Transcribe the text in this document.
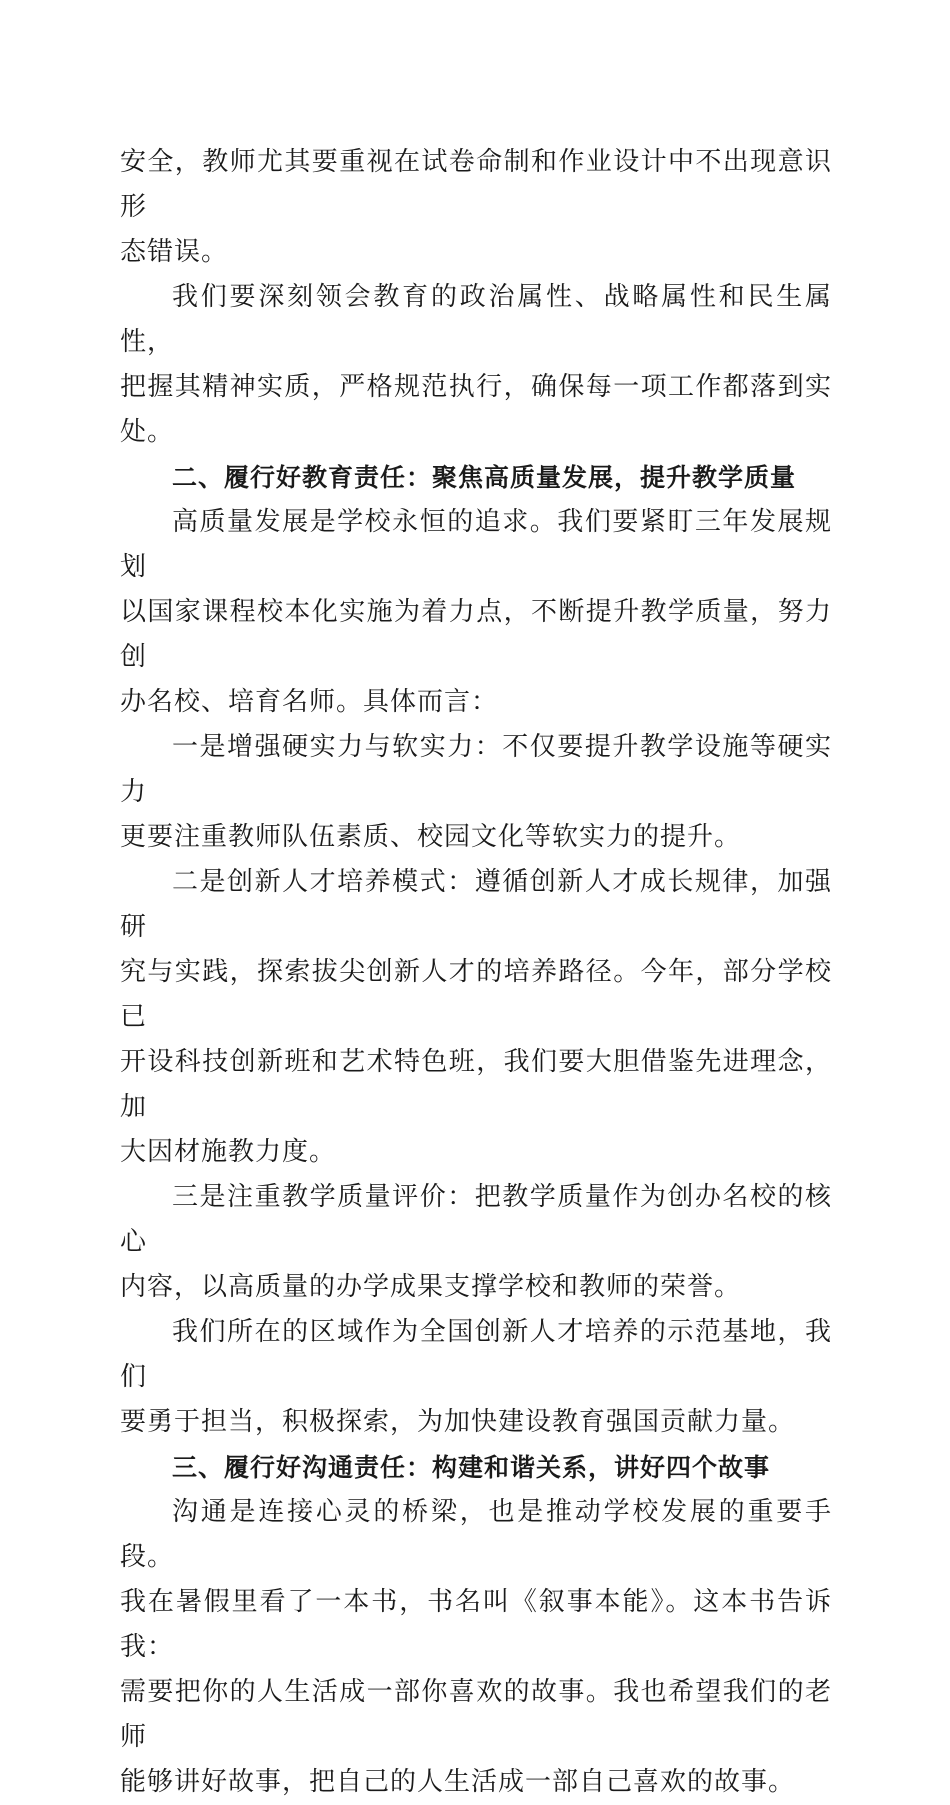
安全，教师尤其要重视在试卷命制和作业设计中不出现意识形
态错误。

我们要深刻领会教育的政治属性、战略属性和民生属性，
把握其精神实质，严格规范执行，确保每一项工作都落到实处。

二、履行好教育责任：聚焦高质量发展，提升教学质量

高质量发展是学校永恒的追求。我们要紧盯三年发展规划
以国家课程校本化实施为着力点，不断提升教学质量，努力创
办名校、培育名师。具体而言：

一是增强硬实力与软实力：不仅要提升教学设施等硬实力
更要注重教师队伍素质、校园文化等软实力的提升。

二是创新人才培养模式：遵循创新人才成长规律，加强研
究与实践，探索拔尖创新人才的培养路径。今年，部分学校已
开设科技创新班和艺术特色班，我们要大胆借鉴先进理念，加
大因材施教力度。

三是注重教学质量评价：把教学质量作为创办名校的核心
内容，以高质量的办学成果支撑学校和教师的荣誉。

我们所在的区域作为全国创新人才培养的示范基地，我们
要勇于担当，积极探索，为加快建设教育强国贡献力量。

三、履行好沟通责任：构建和谐关系，讲好四个故事

沟通是连接心灵的桥梁，也是推动学校发展的重要手段。
我在暑假里看了一本书，书名叫《叙事本能》。这本书告诉我：
需要把你的人生活成一部你喜欢的故事。我也希望我们的老师
能够讲好故事，把自己的人生活成一部自己喜欢的故事。
